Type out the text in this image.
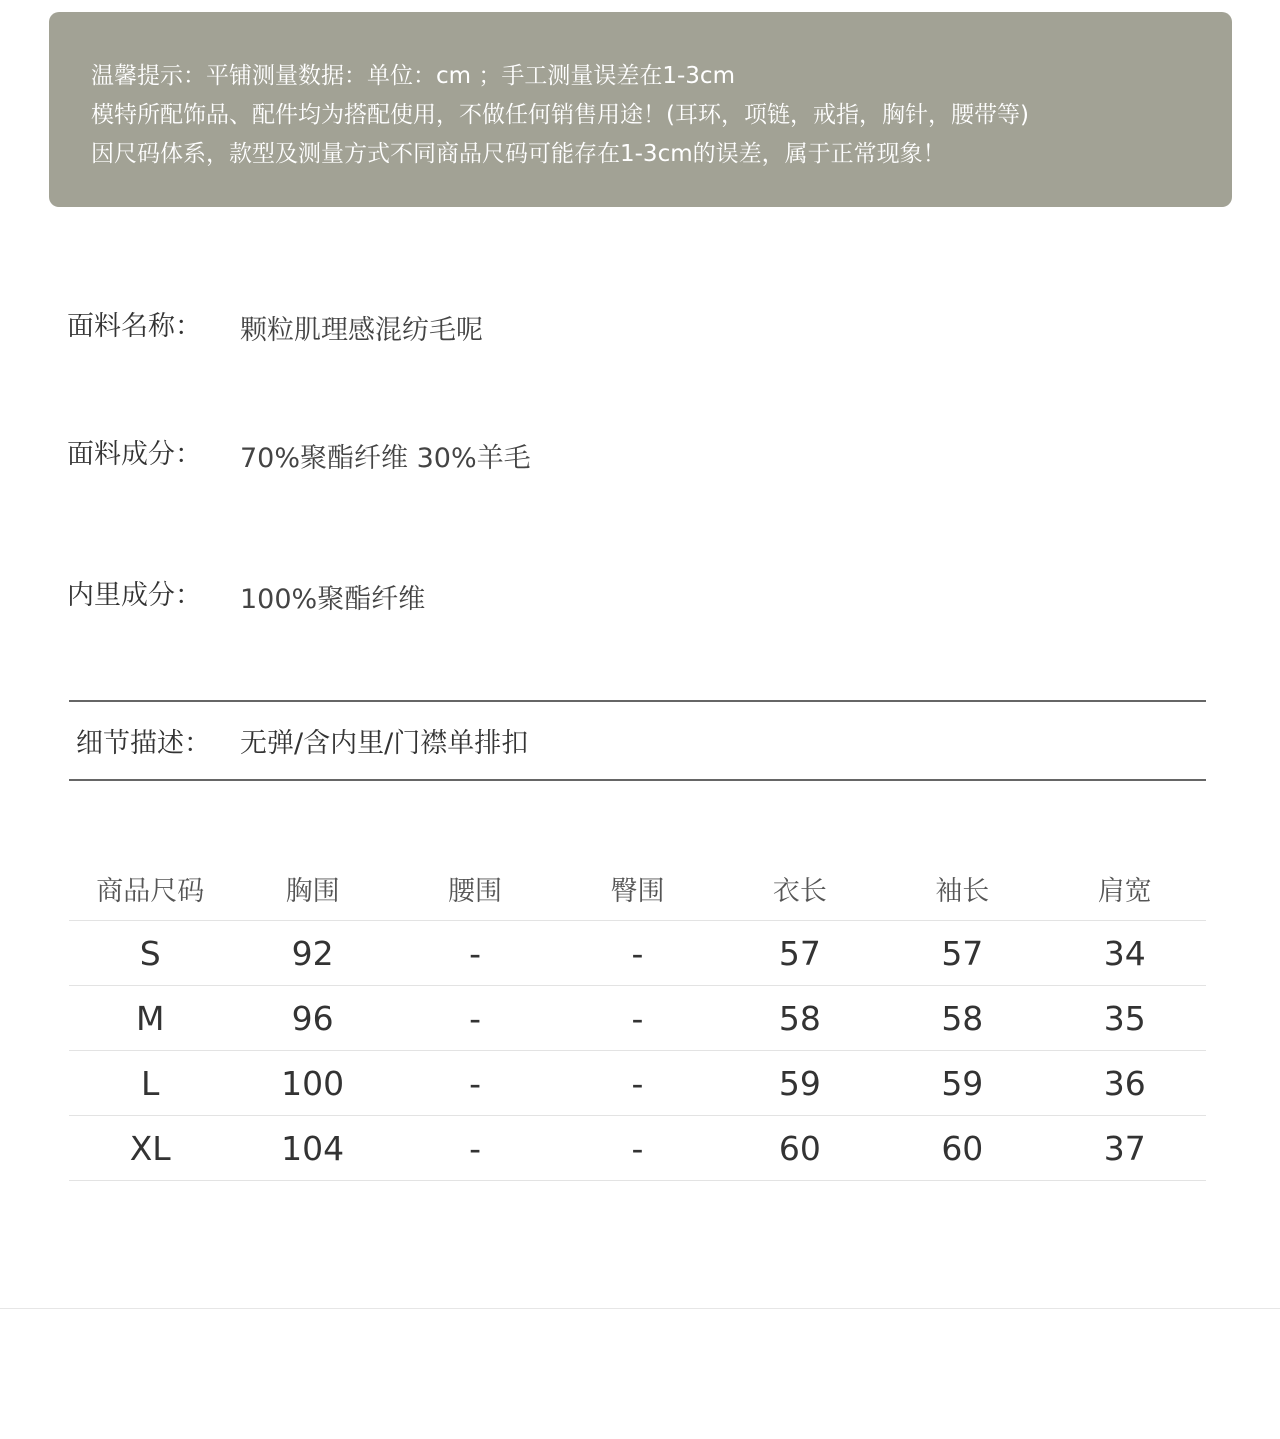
温馨提示：平铺测量数据：单位：cm ；手工测量误差在1-3cm
模特所配饰品、配件均为搭配使用，不做任何销售用途！(耳环，项链，戒指，胸针，腰带等)
因尺码体系，款型及测量方式不同商品尺码可能存在1-3cm的误差，属于正常现象！
面料名称： 颗粒肌理感混纺毛呢
面料成分： 70%聚酯纤维 30%羊毛
内里成分： 100%聚酯纤维
细节描述： 无弹/含内里/门襟单排扣
商品尺码	胸围	腰围	臀围	衣长	袖长	肩宽
S	92	-	-	57	57	34
M	96	-	-	58	58	35
L	100	-	-	59	59	36
XL	104	-	-	60	60	37
